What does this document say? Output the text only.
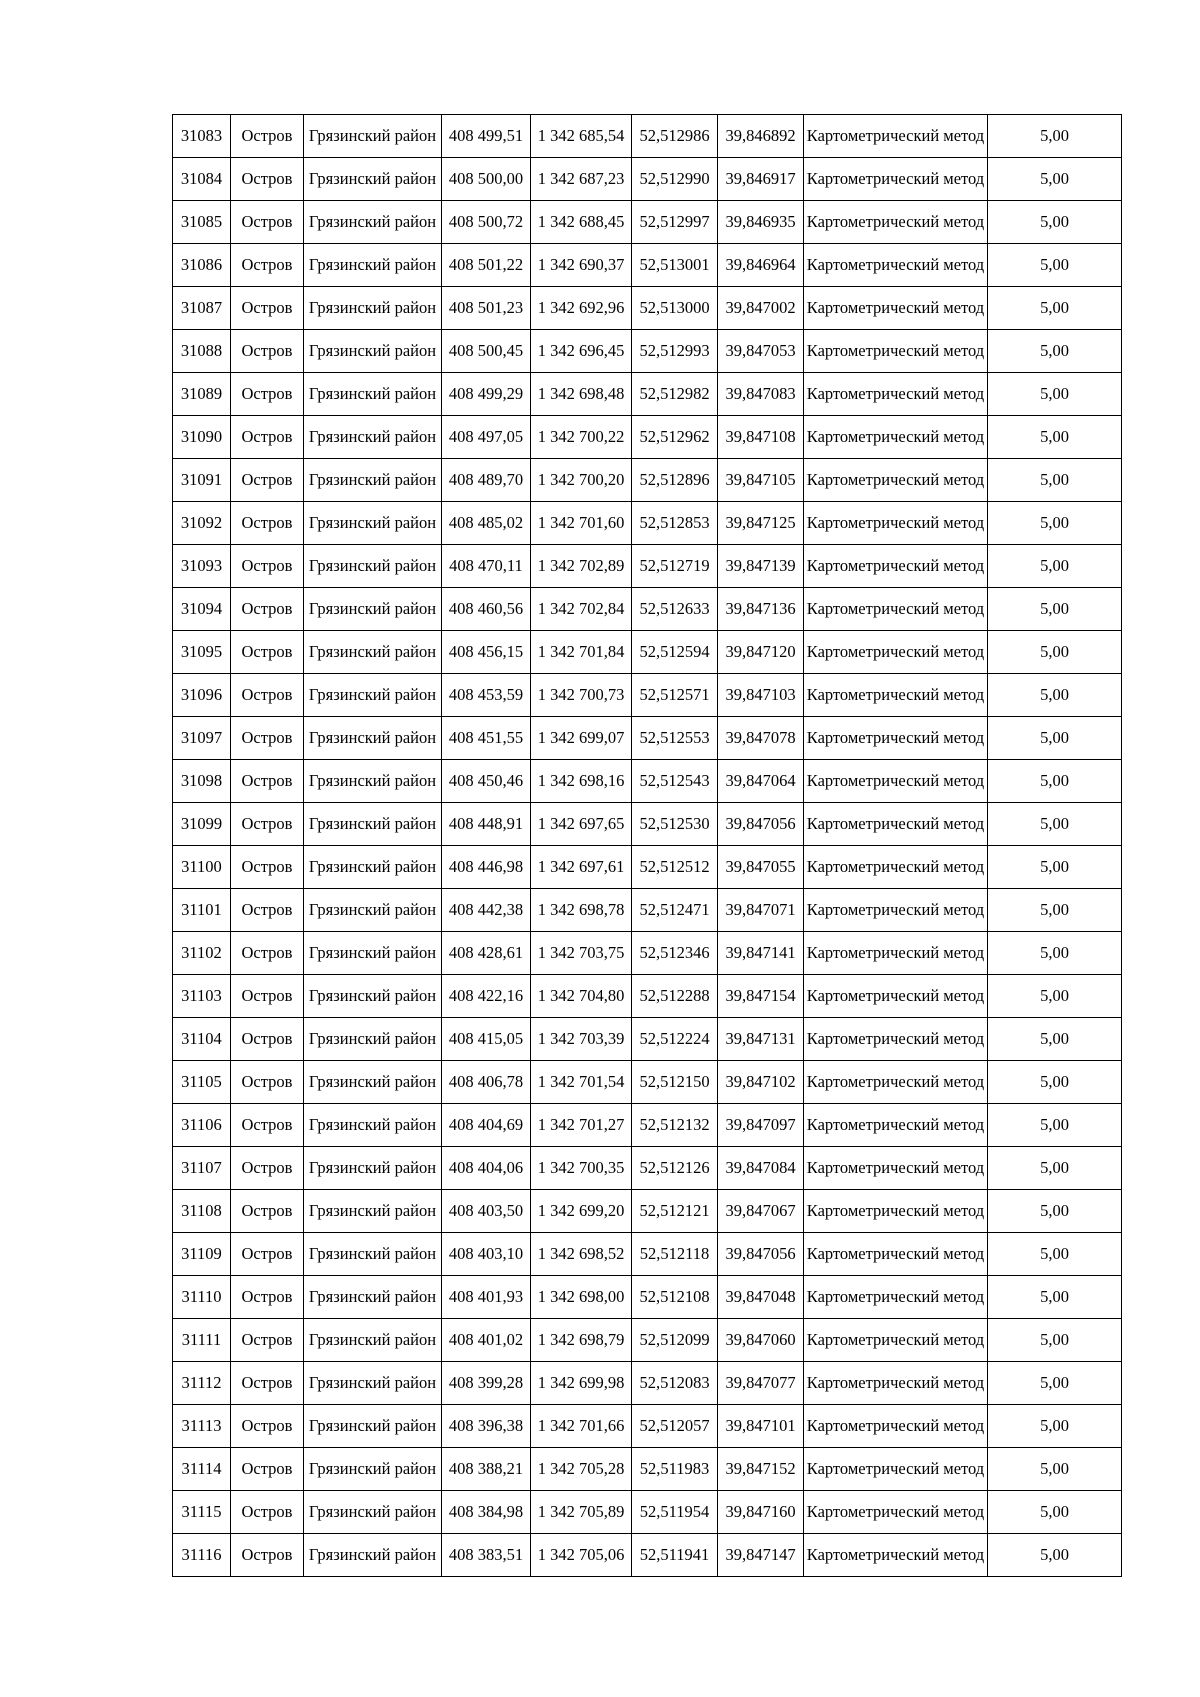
31083	Остров	Грязинский район	408 499,51	1 342 685,54	52,512986	39,846892	Картометрический метод	5,00
31084	Остров	Грязинский район	408 500,00	1 342 687,23	52,512990	39,846917	Картометрический метод	5,00
31085	Остров	Грязинский район	408 500,72	1 342 688,45	52,512997	39,846935	Картометрический метод	5,00
31086	Остров	Грязинский район	408 501,22	1 342 690,37	52,513001	39,846964	Картометрический метод	5,00
31087	Остров	Грязинский район	408 501,23	1 342 692,96	52,513000	39,847002	Картометрический метод	5,00
31088	Остров	Грязинский район	408 500,45	1 342 696,45	52,512993	39,847053	Картометрический метод	5,00
31089	Остров	Грязинский район	408 499,29	1 342 698,48	52,512982	39,847083	Картометрический метод	5,00
31090	Остров	Грязинский район	408 497,05	1 342 700,22	52,512962	39,847108	Картометрический метод	5,00
31091	Остров	Грязинский район	408 489,70	1 342 700,20	52,512896	39,847105	Картометрический метод	5,00
31092	Остров	Грязинский район	408 485,02	1 342 701,60	52,512853	39,847125	Картометрический метод	5,00
31093	Остров	Грязинский район	408 470,11	1 342 702,89	52,512719	39,847139	Картометрический метод	5,00
31094	Остров	Грязинский район	408 460,56	1 342 702,84	52,512633	39,847136	Картометрический метод	5,00
31095	Остров	Грязинский район	408 456,15	1 342 701,84	52,512594	39,847120	Картометрический метод	5,00
31096	Остров	Грязинский район	408 453,59	1 342 700,73	52,512571	39,847103	Картометрический метод	5,00
31097	Остров	Грязинский район	408 451,55	1 342 699,07	52,512553	39,847078	Картометрический метод	5,00
31098	Остров	Грязинский район	408 450,46	1 342 698,16	52,512543	39,847064	Картометрический метод	5,00
31099	Остров	Грязинский район	408 448,91	1 342 697,65	52,512530	39,847056	Картометрический метод	5,00
31100	Остров	Грязинский район	408 446,98	1 342 697,61	52,512512	39,847055	Картометрический метод	5,00
31101	Остров	Грязинский район	408 442,38	1 342 698,78	52,512471	39,847071	Картометрический метод	5,00
31102	Остров	Грязинский район	408 428,61	1 342 703,75	52,512346	39,847141	Картометрический метод	5,00
31103	Остров	Грязинский район	408 422,16	1 342 704,80	52,512288	39,847154	Картометрический метод	5,00
31104	Остров	Грязинский район	408 415,05	1 342 703,39	52,512224	39,847131	Картометрический метод	5,00
31105	Остров	Грязинский район	408 406,78	1 342 701,54	52,512150	39,847102	Картометрический метод	5,00
31106	Остров	Грязинский район	408 404,69	1 342 701,27	52,512132	39,847097	Картометрический метод	5,00
31107	Остров	Грязинский район	408 404,06	1 342 700,35	52,512126	39,847084	Картометрический метод	5,00
31108	Остров	Грязинский район	408 403,50	1 342 699,20	52,512121	39,847067	Картометрический метод	5,00
31109	Остров	Грязинский район	408 403,10	1 342 698,52	52,512118	39,847056	Картометрический метод	5,00
31110	Остров	Грязинский район	408 401,93	1 342 698,00	52,512108	39,847048	Картометрический метод	5,00
31111	Остров	Грязинский район	408 401,02	1 342 698,79	52,512099	39,847060	Картометрический метод	5,00
31112	Остров	Грязинский район	408 399,28	1 342 699,98	52,512083	39,847077	Картометрический метод	5,00
31113	Остров	Грязинский район	408 396,38	1 342 701,66	52,512057	39,847101	Картометрический метод	5,00
31114	Остров	Грязинский район	408 388,21	1 342 705,28	52,511983	39,847152	Картометрический метод	5,00
31115	Остров	Грязинский район	408 384,98	1 342 705,89	52,511954	39,847160	Картометрический метод	5,00
31116	Остров	Грязинский район	408 383,51	1 342 705,06	52,511941	39,847147	Картометрический метод	5,00
